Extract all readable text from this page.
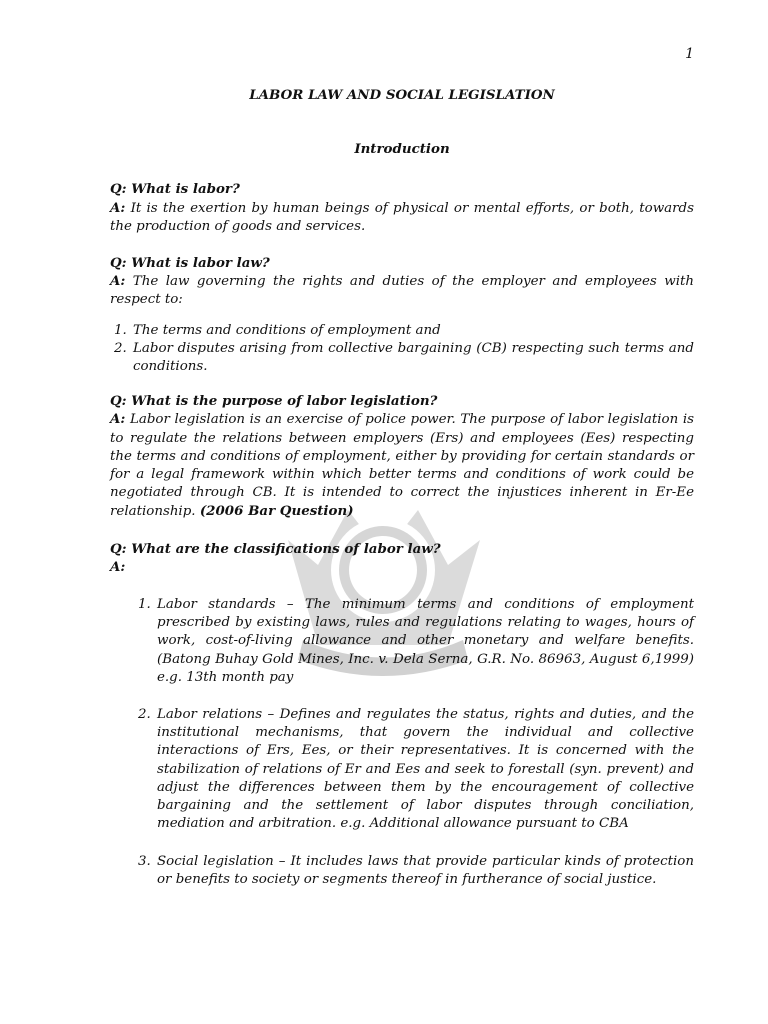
1
LABOR LAW AND SOCIAL LEGISLATION
Introduction
Q: What is labor?
A: It is the exertion by human beings of physical or mental efforts, or both, towards the production of goods and services.
Q: What is labor law?
A: The law governing the rights and duties of the employer and employees with respect to:
1. The terms and conditions of employment and
2. Labor disputes arising from collective bargaining (CB) respecting such terms and conditions.
Q: What is the purpose of labor legislation?
A: Labor legislation is an exercise of police power. The purpose of labor legislation is to regulate the relations between employers (Ers) and employees (Ees) respecting the terms and conditions of employment, either by providing for certain standards or for a legal framework within which better terms and conditions of work could be negotiated through CB. It is intended to correct the injustices inherent in Er-Ee relationship. (2006 Bar Question)
Q: What are the classifications of labor law?
A:
1. Labor standards – The minimum terms and conditions of employment prescribed by existing laws, rules and regulations relating to wages, hours of work, cost-of-living allowance and other monetary and welfare benefits. (Batong Buhay Gold Mines, Inc. v. Dela Serna, G.R. No. 86963, August 6,1999) e.g. 13th month pay
2. Labor relations – Defines and regulates the status, rights and duties, and the institutional mechanisms, that govern the individual and collective interactions of Ers, Ees, or their representatives. It is concerned with the stabilization of relations of Er and Ees and seek to forestall (syn. prevent) and adjust the differences between them by the encouragement of collective bargaining and the settlement of labor disputes through conciliation, mediation and arbitration. e.g. Additional allowance pursuant to CBA
3. Social legislation – It includes laws that provide particular kinds of protection or benefits to society or segments thereof in furtherance of social justice.
